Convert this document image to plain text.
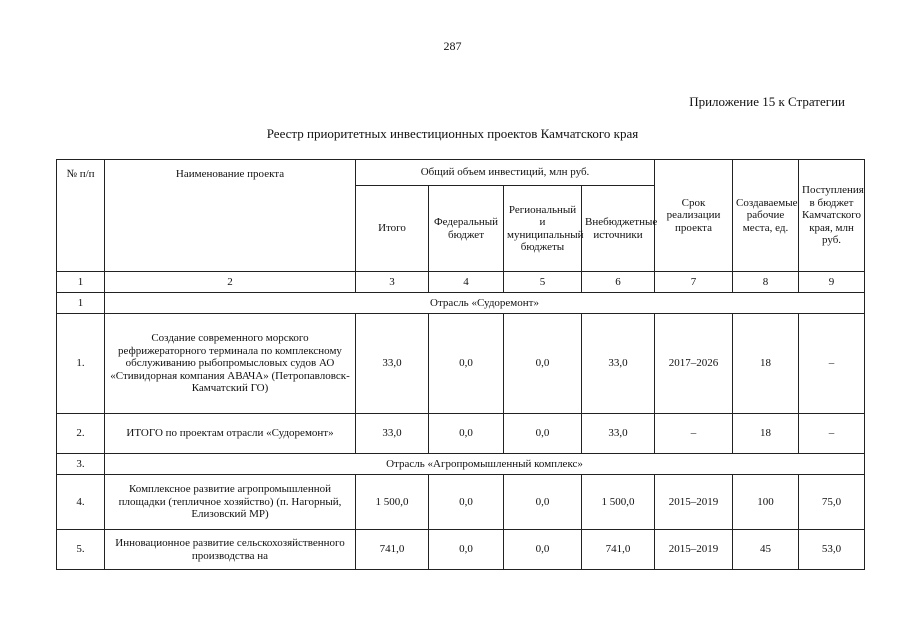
287
Приложение 15 к Стратегии
Реестр приоритетных инвестиционных проектов Камчатского края
№ п/п	Наименование проекта	Общий объем инвестиций, млн руб.				Срок реализации проекта	Создаваемые рабочие места, ед.	Поступления в бюджет Камчатского края, млн руб.
		Итого	Федеральный бюджет	Региональный и муниципальный бюджеты	Внебюджетные источники			
1	2	3	4	5	6	7	8	9
1	Отрасль «Судоремонт»							
1.	Создание современного морского рефрижераторного терминала по комплексному обслуживанию рыбопромысловых судов АО «Стивидорная компания АВАЧА» (Петропавловск-Камчатский ГО)	33,0	0,0	0,0	33,0	2017–2026	18	–
2.	ИТОГО по проектам отрасли «Судоремонт»	33,0	0,0	0,0	33,0	–	18	–
3.	Отрасль «Агропромышленный комплекс»							
4.	Комплексное развитие агропромышленной площадки (тепличное хозяйство) (п. Нагорный, Елизовский МР)	1 500,0	0,0	0,0	1 500,0	2015–2019	100	75,0
5.	Инновационное развитие сельскохозяйственного производства на	741,0	0,0	0,0	741,0	2015–2019	45	53,0
